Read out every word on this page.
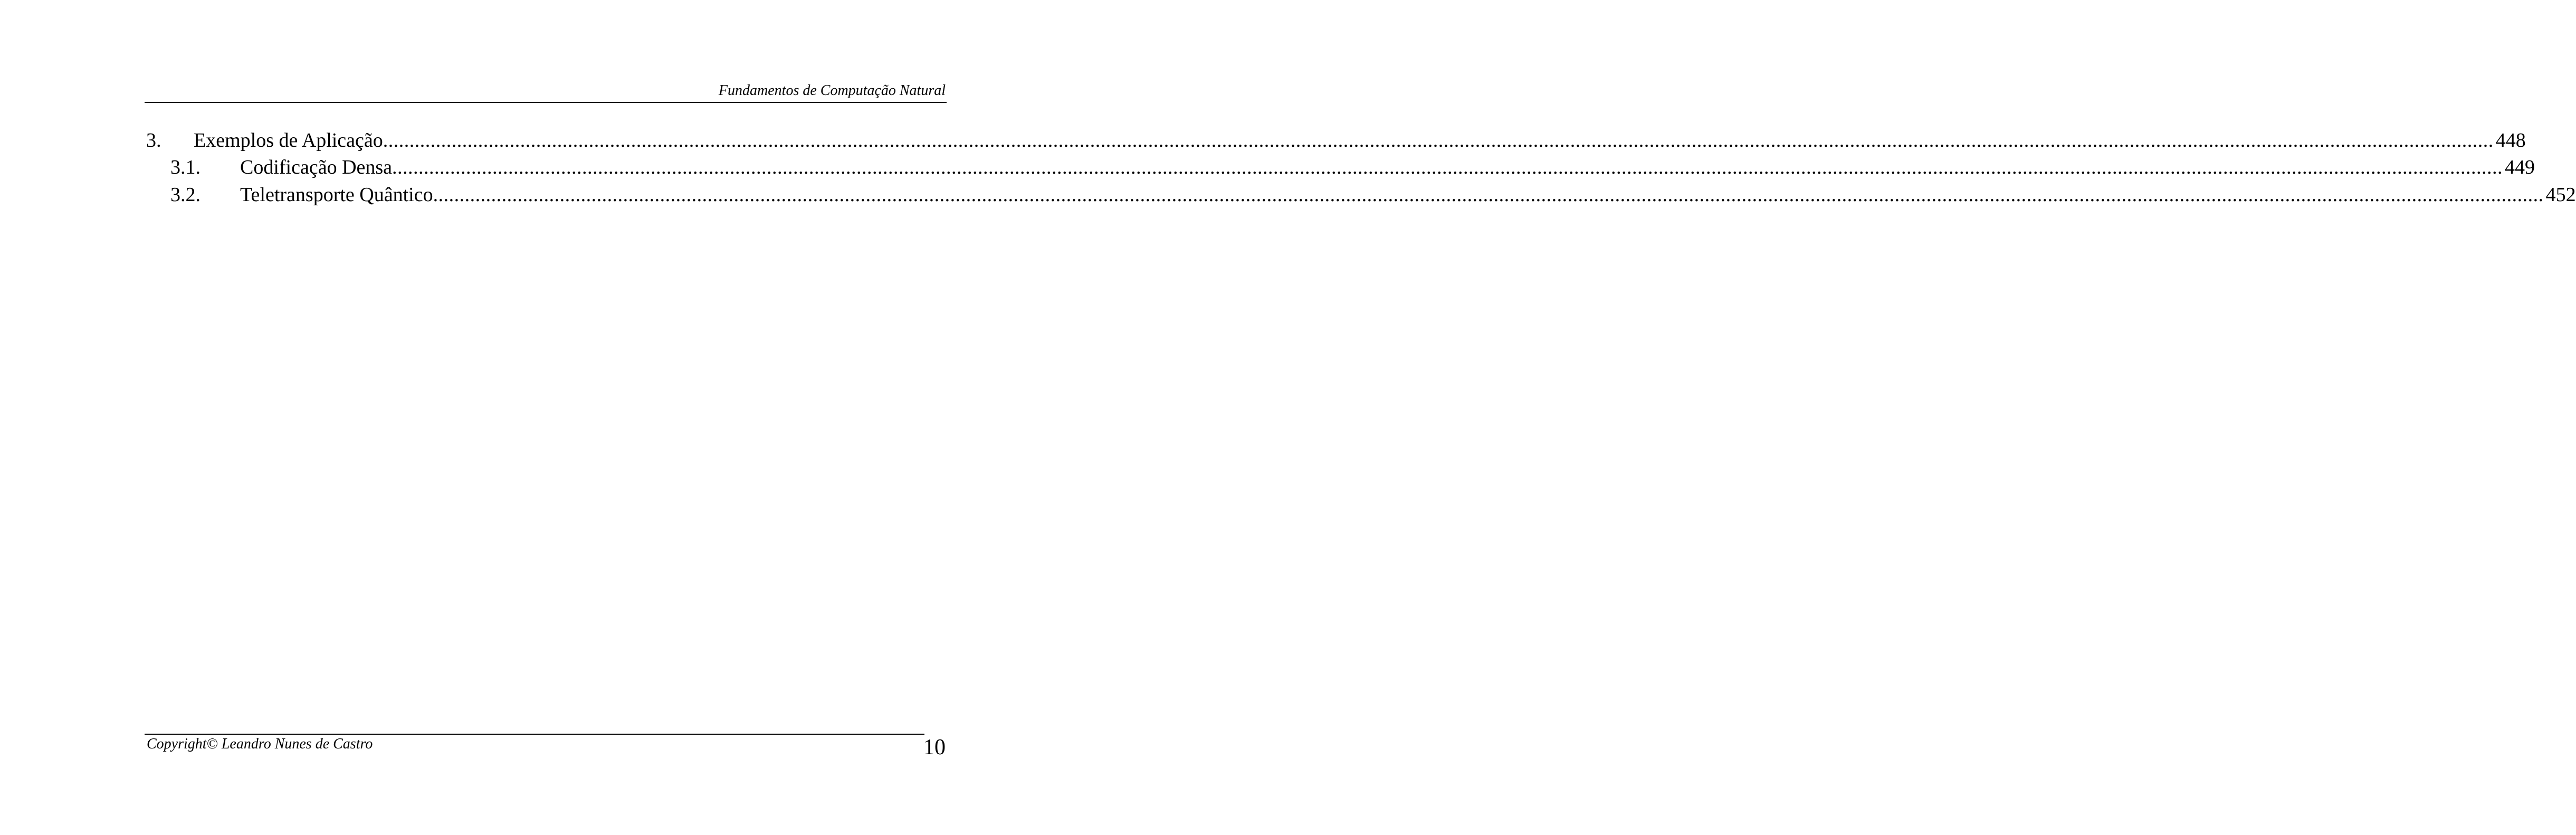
Fundamentos de Computação Natural
3. Exemplos de Aplicação ................................................................................................................................................................................................................................................................................................................................................................................................................ 448
3.1. Codificação Densa ................................................................................................................................................................................................................................................................................................................................................................................................................ 449
3.2. Teletransporte Quântico ................................................................................................................................................................................................................................................................................................................................................................................................................ 452
Copyright© Leandro Nunes de Castro	10
